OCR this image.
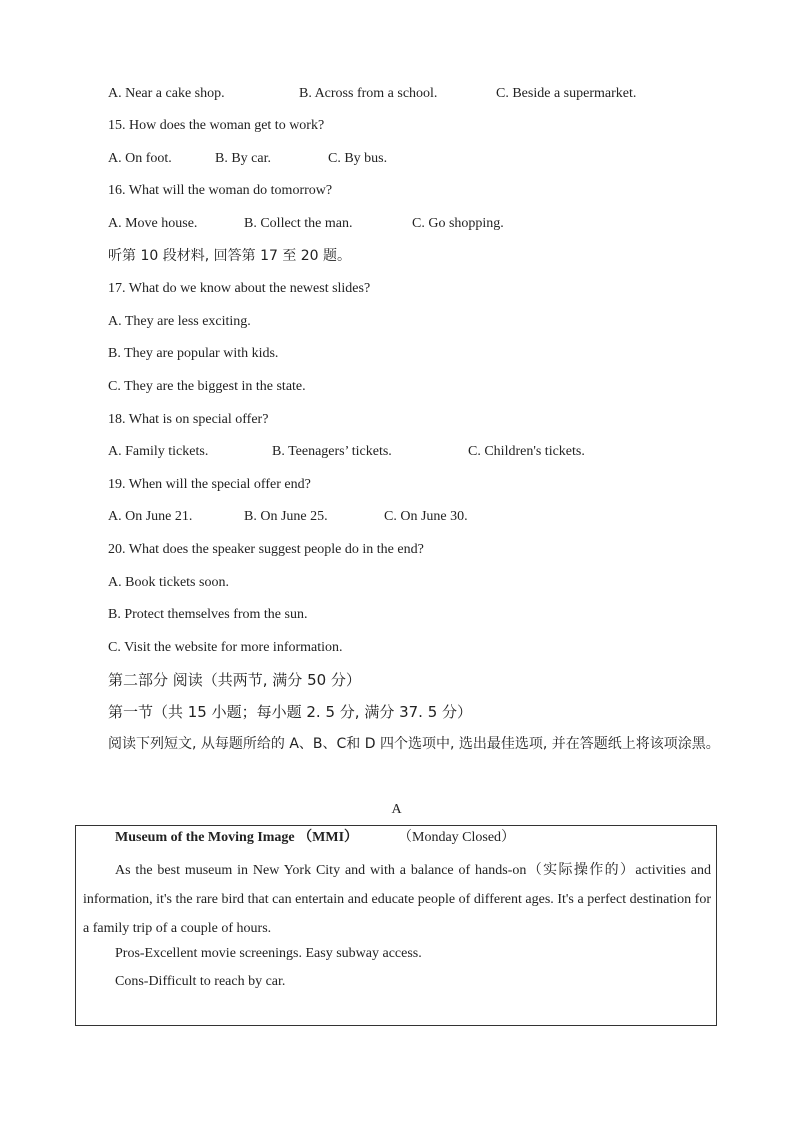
A. Near a cake shop.	B. Across from a school.	C. Beside a supermarket.
15. How does the woman get to work?
A. On foot.	B. By car.	C. By bus.
16. What will the woman do tomorrow?
A. Move house.	B. Collect the man.	C. Go shopping.
听第 10 段材料, 回答第 17 至 20 题。
17. What do we know about the newest slides?
A. They are less exciting.
B. They are popular with kids.
C. They are the biggest in the state.
18. What is on special offer?
A. Family tickets.	B. Teenagers’ tickets.	C. Children's tickets.
19. When will the special offer end?
A. On June 21.	B. On June 25.	C. On June 30.
20. What does the speaker suggest people do in the end?
A. Book tickets soon.
B. Protect themselves from the sun.
C. Visit the website for more information.
第二部分 阅读（共两节, 满分 50 分）
第一节（共 15 小题；每小题 2. 5 分, 满分 37. 5 分）
阅读下列短文, 从每题所给的 A、B、C和 D 四个选项中, 选出最佳选项, 并在答题纸上将该项涂黑。
A
Museum of the Moving Image （MMI）	（Monday Closed）
As the best museum in New York City and with a balance of hands-on（实际操作的）activities and information, it's the rare bird that can entertain and educate people of different ages. It's a perfect destination for a family trip of a couple of hours.
Pros-Excellent movie screenings. Easy subway access.
Cons-Difficult to reach by car.
